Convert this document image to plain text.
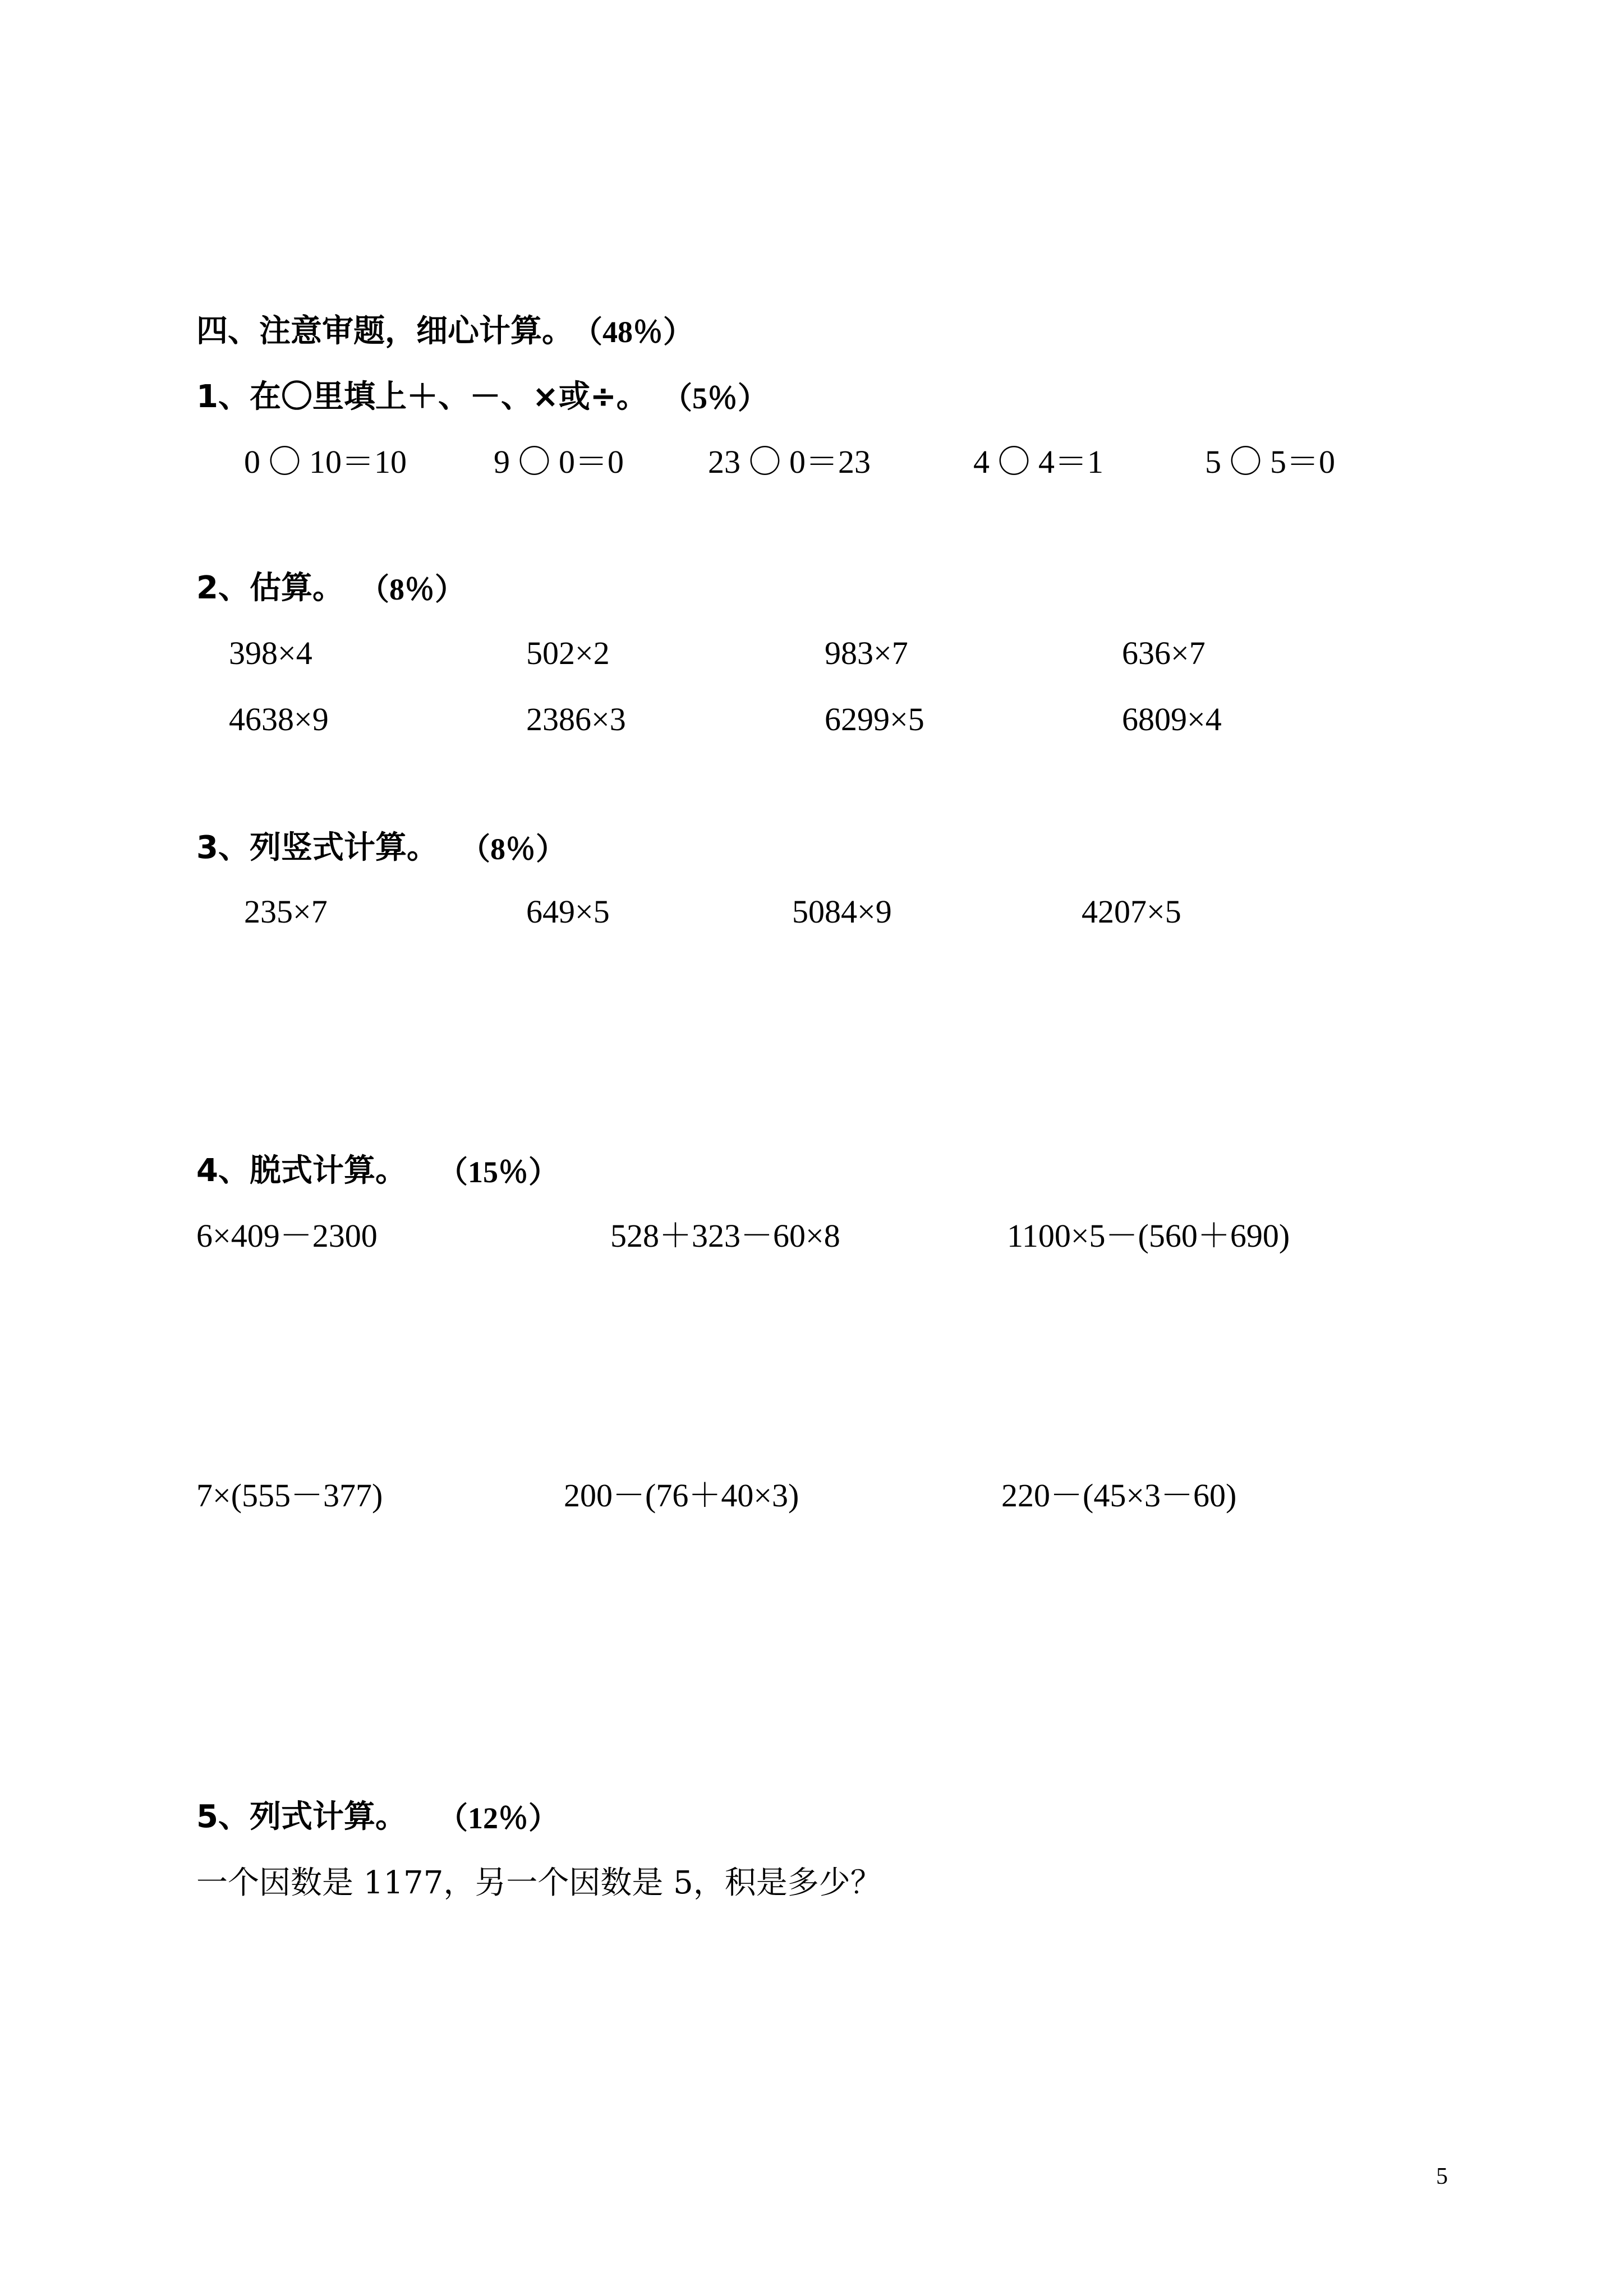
四、注意审题，细心计算。
（48％）
1、在〇里填上＋、－、×或÷。 （5％）
0 〇 10＝10	9 〇 0＝0	23 〇 0＝23	4 〇 4＝1	5 〇 5＝0
2、估算。 （8％）
398×4	502×2	983×7	636×7
4638×9	2386×3	6299×5	6809×4
3、列竖式计算。 （8％）
235×7	649×5	5084×9	4207×5
4、脱式计算。 （15％）
6×409－2300	528＋323－60×8	1100×5－(560＋690)
7×(555－377)	200－(76＋40×3)	220－(45×3－60)
5、列式计算。 （12％）
一个因数是 1177，另一个因数是 5，积是多少？
5
